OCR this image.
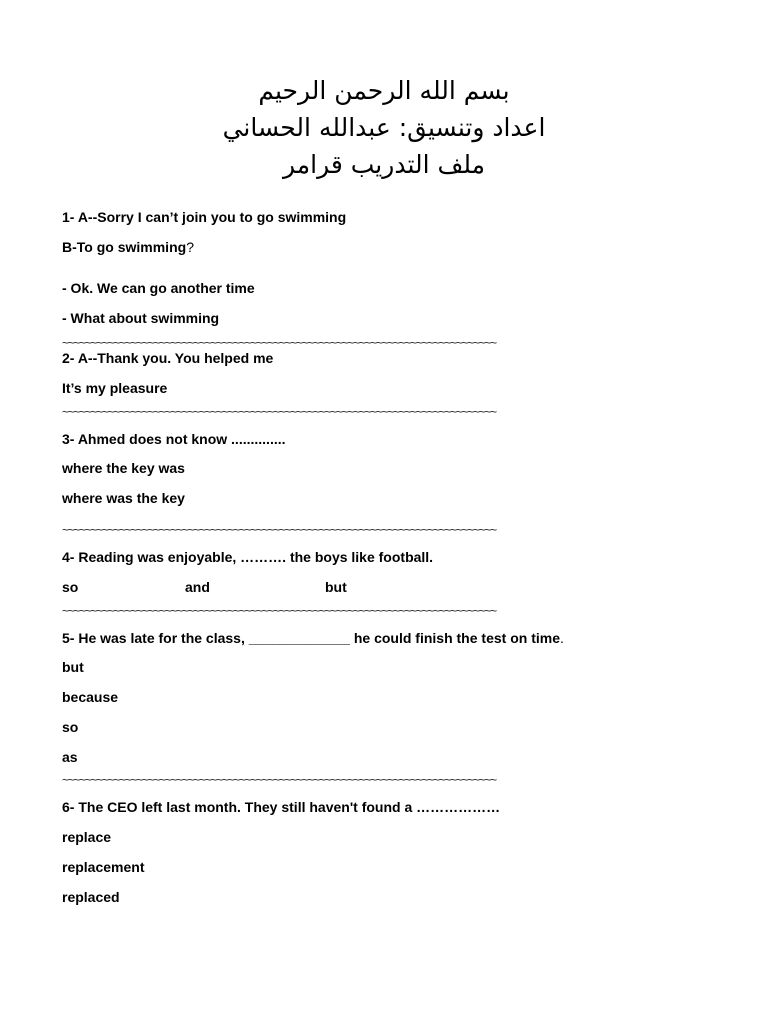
بسم الله الرحمن الرحيم
اعداد وتنسيق: عبدالله الحساني
ملف التدريب قرامر
1- A--Sorry I can’t join you to go swimming
B-To go swimming?
- Ok. We can go another time
- What about swimming
~~~~~~~~~~~~~~~~~~~~~~~~~~~~~~~~~~~~~~~~~~~~~~~~~~~~~~~~~~~~~~~~~~~~~~~~~~~~
2- A--Thank you. You helped me
It’s my pleasure
~~~~~~~~~~~~~~~~~~~~~~~~~~~~~~~~~~~~~~~~~~~~~~~~~~~~~~~~~~~~~~~~~~~~~~~~~~~~
3- Ahmed does not know ..............
where the key was
where was the key
~~~~~~~~~~~~~~~~~~~~~~~~~~~~~~~~~~~~~~~~~~~~~~~~~~~~~~~~~~~~~~~~~~~~~~~~~~~~
4- Reading was enjoyable, ………. the boys like football.
so	and	but
~~~~~~~~~~~~~~~~~~~~~~~~~~~~~~~~~~~~~~~~~~~~~~~~~~~~~~~~~~~~~~~~~~~~~~~~~~~~
5- He was late for the class, _____________ he could finish the test on time.
but
because
so
as
~~~~~~~~~~~~~~~~~~~~~~~~~~~~~~~~~~~~~~~~~~~~~~~~~~~~~~~~~~~~~~~~~~~~~~~~~~~~
6- The CEO left last month. They still haven't found a ………………
replace
replacement
replaced
